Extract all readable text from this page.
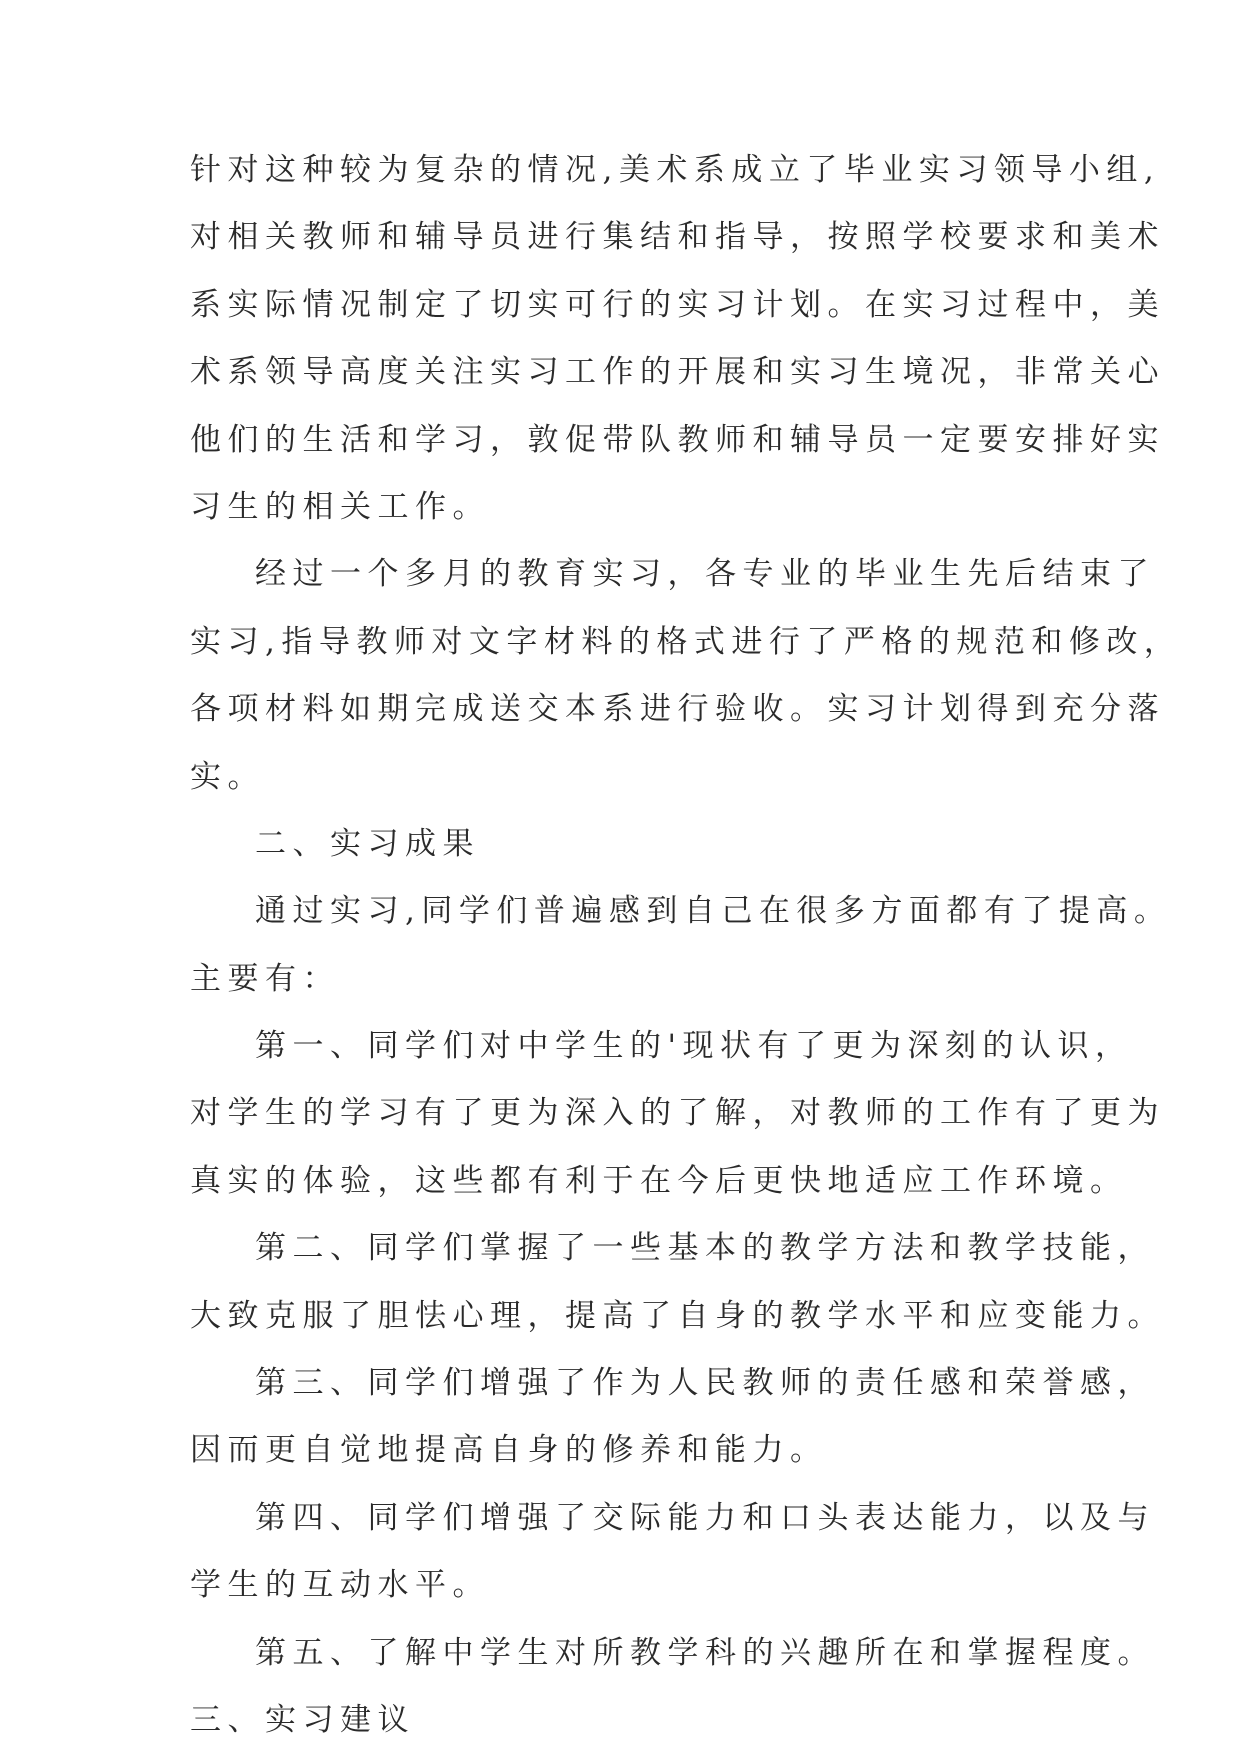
针对这种较为复杂的情况,美术系成立了毕业实习领导小组,
对相关教师和辅导员进行集结和指导，按照学校要求和美术
系实际情况制定了切实可行的实习计划。在实习过程中，美
术系领导高度关注实习工作的开展和实习生境况，非常关心
他们的生活和学习，敦促带队教师和辅导员一定要安排好实
习生的相关工作。
经过一个多月的教育实习，各专业的毕业生先后结束了
实习,指导教师对文字材料的格式进行了严格的规范和修改，
各项材料如期完成送交本系进行验收。实习计划得到充分落
实。
二、实习成果
通过实习,同学们普遍感到自己在很多方面都有了提高。
主要有：
第一、同学们对中学生的'现状有了更为深刻的认识，
对学生的学习有了更为深入的了解，对教师的工作有了更为
真实的体验，这些都有利于在今后更快地适应工作环境。
第二、同学们掌握了一些基本的教学方法和教学技能，
大致克服了胆怯心理，提高了自身的教学水平和应变能力。
第三、同学们增强了作为人民教师的责任感和荣誉感，
因而更自觉地提高自身的修养和能力。
第四、同学们增强了交际能力和口头表达能力，以及与
学生的互动水平。
第五、了解中学生对所教学科的兴趣所在和掌握程度。
三、实习建议
